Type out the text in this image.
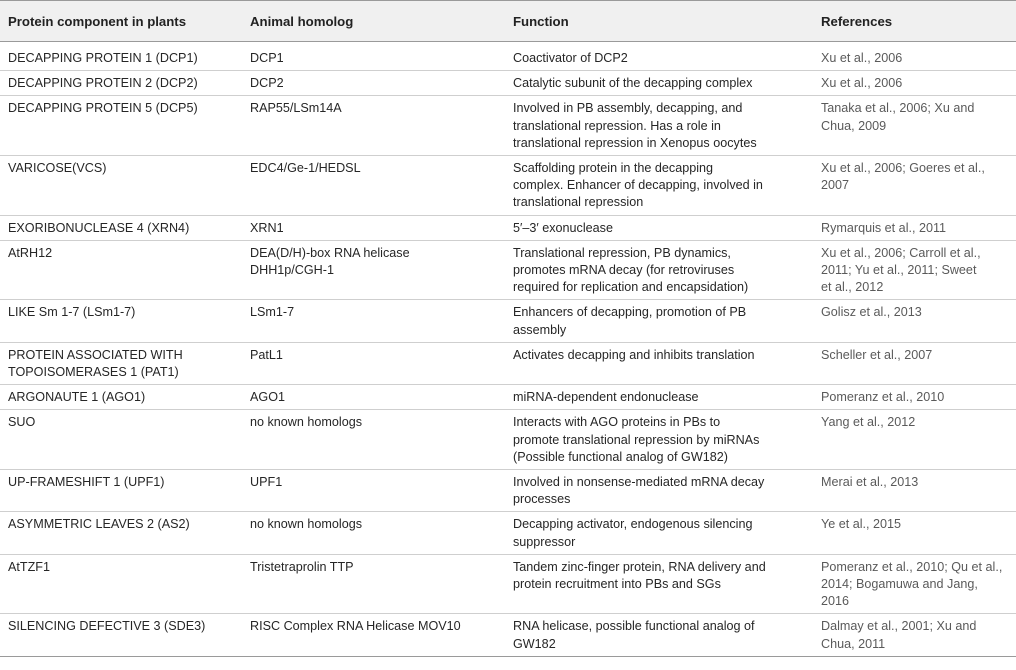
Protein component in plants	Animal homolog	Function	References
DECAPPING PROTEIN 1 (DCP1)	DCP1	Coactivator of DCP2	Xu et al., 2006
DECAPPING PROTEIN 2 (DCP2)	DCP2	Catalytic subunit of the decapping complex	Xu et al., 2006
DECAPPING PROTEIN 5 (DCP5)	RAP55/LSm14A	Involved in PB assembly, decapping, and
translational repression. Has a role in
translational repression in Xenopus oocytes	Tanaka et al., 2006; Xu and
Chua, 2009
VARICOSE(VCS)	EDC4/Ge-1/HEDSL	Scaffolding protein in the decapping
complex. Enhancer of decapping, involved in
translational repression	Xu et al., 2006; Goeres et al.,
2007
EXORIBONUCLEASE 4 (XRN4)	XRN1	5′–3′ exonuclease	Rymarquis et al., 2011
AtRH12	DEA(D/H)-box RNA helicase
DHH1p/CGH-1	Translational repression, PB dynamics,
promotes mRNA decay (for retroviruses
required for replication and encapsidation)	Xu et al., 2006; Carroll et al.,
2011; Yu et al., 2011; Sweet
et al., 2012
LIKE Sm 1-7 (LSm1-7)	LSm1-7	Enhancers of decapping, promotion of PB
assembly	Golisz et al., 2013
PROTEIN ASSOCIATED WITH
TOPOISOMERASES 1 (PAT1)	PatL1	Activates decapping and inhibits translation	Scheller et al., 2007
ARGONAUTE 1 (AGO1)	AGO1	miRNA-dependent endonuclease	Pomeranz et al., 2010
SUO	no known homologs	Interacts with AGO proteins in PBs to
promote translational repression by miRNAs
(Possible functional analog of GW182)	Yang et al., 2012
UP-FRAMESHIFT 1 (UPF1)	UPF1	Involved in nonsense-mediated mRNA decay
processes	Merai et al., 2013
ASYMMETRIC LEAVES 2 (AS2)	no known homologs	Decapping activator, endogenous silencing
suppressor	Ye et al., 2015
AtTZF1	Tristetraprolin TTP	Tandem zinc-finger protein, RNA delivery and
protein recruitment into PBs and SGs	Pomeranz et al., 2010; Qu et al.,
2014; Bogamuwa and Jang,
2016
SILENCING DEFECTIVE 3 (SDE3)	RISC Complex RNA Helicase MOV10	RNA helicase, possible functional analog of
GW182	Dalmay et al., 2001; Xu and
Chua, 2011
